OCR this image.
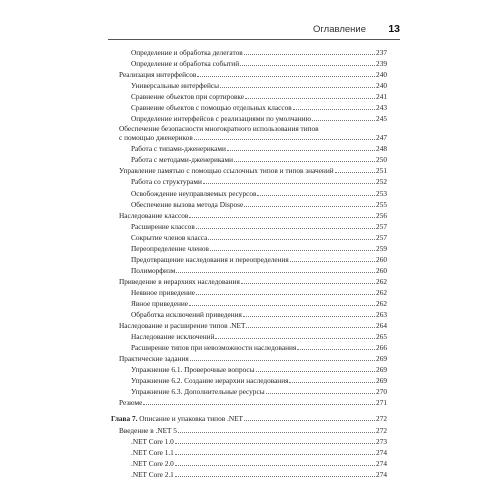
Оглавление 13
Определение и обработка делегатов	237
Определение и обработка событий	239
Реализация интерфейсов	240
Универсальные интерфейсы	240
Сравнение объектов при сортировке	241
Сравнение объектов с помощью отдельных классов	243
Определение интерфейсов с реализациями по умолчанию	245
Обеспечение безопасности многократного использования типов
с помощью дженериков	247
Работа с типами-дженериками	248
Работа с методами-дженериками	250
Управление памятью с помощью ссылочных типов и типов значений	251
Работа со структурами	252
Освобождение неуправляемых ресурсов	253
Обеспечение вызова метода Dispose	255
Наследование классов	256
Расширение классов	257
Сокрытие членов класса	257
Переопределение членов	259
Предотвращение наследования и переопределения	260
Полиморфизм	260
Приведение в иерархиях наследования	262
Неявное приведение	262
Явное приведение	262
Обработка исключений приведения	263
Наследование и расширение типов .NET	264
Наследование исключений	265
Расширение типов при невозможности наследования	266
Практические задания	269
Упражнение 6.1. Проверочные вопросы	269
Упражнение 6.2. Создание иерархии наследования	269
Упражнение 6.3. Дополнительные ресурсы	270
Резюме	271
Глава 7. Описание и упаковка типов .NET	272
Введение в .NET 5	272
.NET Core 1.0	273
.NET Core 1.1	274
.NET Core 2.0	274
.NET Core 2.1	274
